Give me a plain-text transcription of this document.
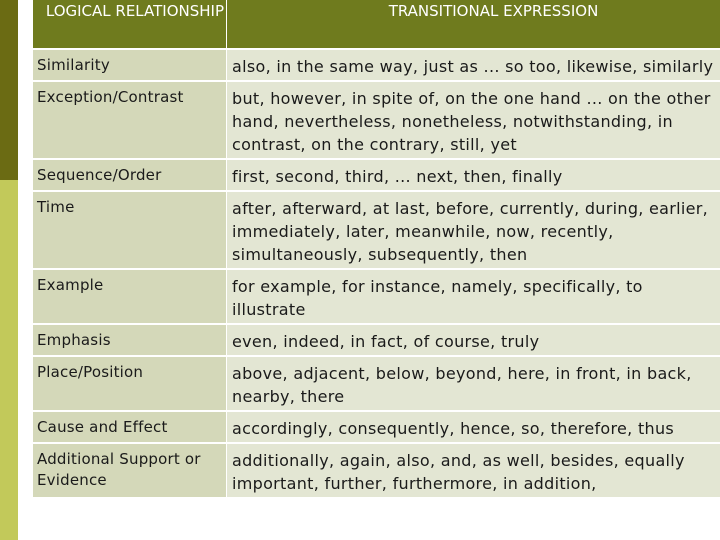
LOGICAL RELATIONSHIP		TRANSITIONAL EXPRESSION
Similarity		also, in the same way, just as ... so too, likewise, similarly
Exception/Contrast		but, however, in spite of, on the one hand ... on the other hand, nevertheless, nonetheless, notwithstanding, in contrast, on the contrary, still, yet
Sequence/Order		first, second, third, ... next, then, finally
Time		after, afterward, at last, before, currently, during, earlier, immediately, later, meanwhile, now, recently, simultaneously, subsequently, then
Example		for example, for instance, namely, specifically, to illustrate
Emphasis		even, indeed, in fact, of course, truly
Place/Position		above, adjacent, below, beyond, here, in front, in back, nearby, there
Cause and Effect		accordingly, consequently, hence, so, therefore, thus
Additional Support or Evidence		additionally, again, also, and, as well, besides, equally important, further, furthermore, in addition,
